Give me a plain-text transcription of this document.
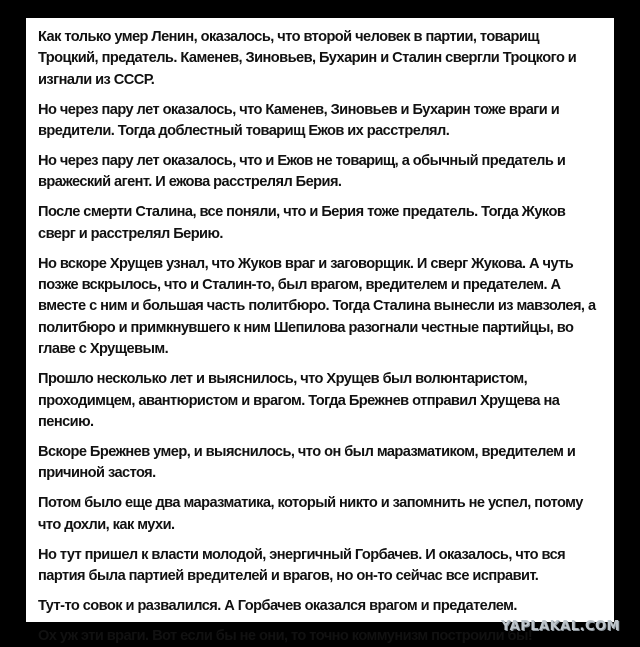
Как только умер Ленин, оказалось, что второй человек в партии, товарищ Троцкий, предатель. Каменев, Зиновьев, Бухарин и Сталин свергли Троцкого и изгнали из СССР.

Но через пару лет оказалось, что Каменев, Зиновьев и Бухарин тоже враги и вредители. Тогда доблестный товарищ Ежов их расстрелял.

Но через пару лет оказалось, что и Ежов не товарищ, а обычный предатель и вражеский агент. И ежова расстрелял Берия.

После смерти Сталина, все поняли, что и Берия тоже предатель. Тогда Жуков сверг и расстрелял Берию.

Но вскоре Хрущев узнал, что Жуков враг и заговорщик. И сверг Жукова. А чуть позже вскрылось, что и Сталин-то, был врагом, вредителем и предателем. А вместе с ним и большая часть политбюро. Тогда Сталина вынесли из мавзолея, а политбюро и примкнувшего к ним Шепилова разогнали честные партийцы, во главе с Хрущевым.

Прошло несколько лет и выяснилось, что Хрущев был волюнтаристом, проходимцем, авантюристом и врагом. Тогда Брежнев отправил Хрущева на пенсию.

Вскоре Брежнев умер, и выяснилось, что он был маразматиком, вредителем и причиной застоя.

Потом было еще два маразматика, который никто и запомнить не успел, потому что дохли, как мухи.

Но тут пришел к власти молодой, энергичный Горбачев. И оказалось, что вся партия была партией вредителей и врагов, но он-то сейчас все исправит.

Тут-то совок и развалился. А Горбачев оказался врагом и предателем.

Ох уж эти враги. Вот если бы не они, то точно коммунизм построили бы!

YAPLAKAL.COM
